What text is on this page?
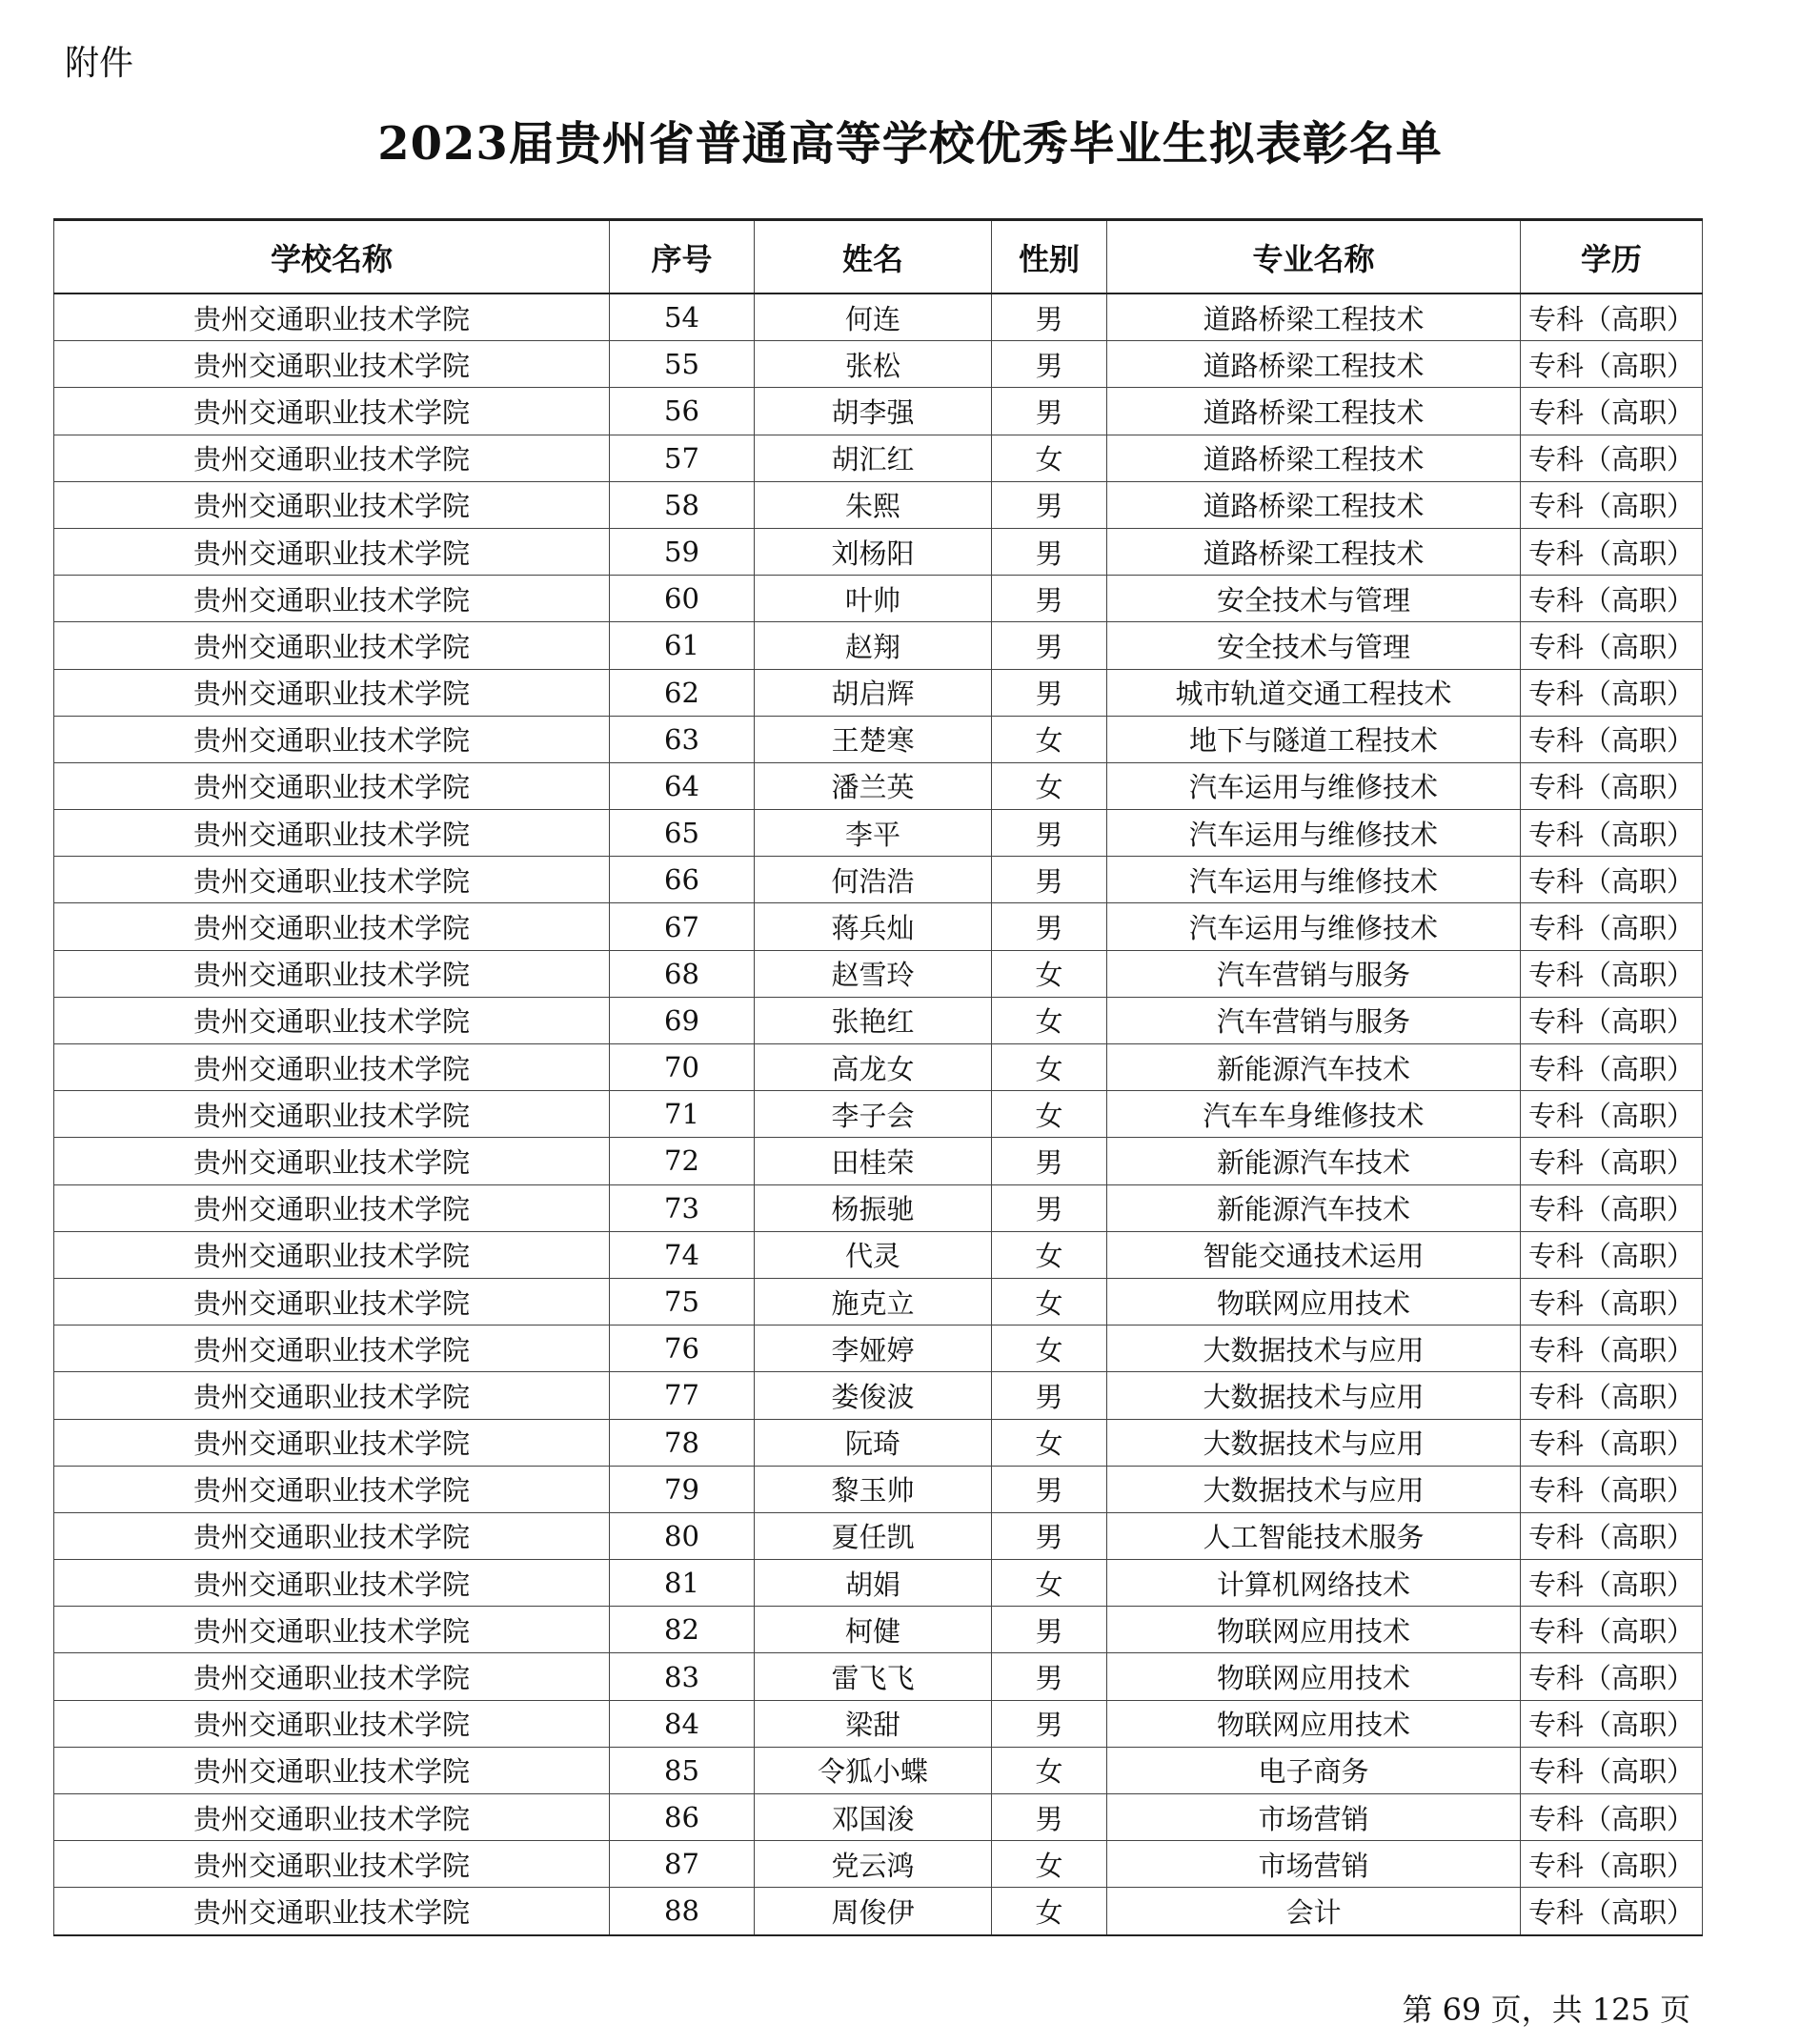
附件
2023届贵州省普通高等学校优秀毕业生拟表彰名单
学校名称	序号	姓名	性别	专业名称	学历
贵州交通职业技术学院	54	何连	男	道路桥梁工程技术	专科（高职）
贵州交通职业技术学院	55	张松	男	道路桥梁工程技术	专科（高职）
贵州交通职业技术学院	56	胡李强	男	道路桥梁工程技术	专科（高职）
贵州交通职业技术学院	57	胡汇红	女	道路桥梁工程技术	专科（高职）
贵州交通职业技术学院	58	朱熙	男	道路桥梁工程技术	专科（高职）
贵州交通职业技术学院	59	刘杨阳	男	道路桥梁工程技术	专科（高职）
贵州交通职业技术学院	60	叶帅	男	安全技术与管理	专科（高职）
贵州交通职业技术学院	61	赵翔	男	安全技术与管理	专科（高职）
贵州交通职业技术学院	62	胡启辉	男	城市轨道交通工程技术	专科（高职）
贵州交通职业技术学院	63	王楚寒	女	地下与隧道工程技术	专科（高职）
贵州交通职业技术学院	64	潘兰英	女	汽车运用与维修技术	专科（高职）
贵州交通职业技术学院	65	李平	男	汽车运用与维修技术	专科（高职）
贵州交通职业技术学院	66	何浩浩	男	汽车运用与维修技术	专科（高职）
贵州交通职业技术学院	67	蒋兵灿	男	汽车运用与维修技术	专科（高职）
贵州交通职业技术学院	68	赵雪玲	女	汽车营销与服务	专科（高职）
贵州交通职业技术学院	69	张艳红	女	汽车营销与服务	专科（高职）
贵州交通职业技术学院	70	高龙女	女	新能源汽车技术	专科（高职）
贵州交通职业技术学院	71	李子会	女	汽车车身维修技术	专科（高职）
贵州交通职业技术学院	72	田桂荣	男	新能源汽车技术	专科（高职）
贵州交通职业技术学院	73	杨振驰	男	新能源汽车技术	专科（高职）
贵州交通职业技术学院	74	代灵	女	智能交通技术运用	专科（高职）
贵州交通职业技术学院	75	施克立	女	物联网应用技术	专科（高职）
贵州交通职业技术学院	76	李娅婷	女	大数据技术与应用	专科（高职）
贵州交通职业技术学院	77	娄俊波	男	大数据技术与应用	专科（高职）
贵州交通职业技术学院	78	阮琦	女	大数据技术与应用	专科（高职）
贵州交通职业技术学院	79	黎玉帅	男	大数据技术与应用	专科（高职）
贵州交通职业技术学院	80	夏任凯	男	人工智能技术服务	专科（高职）
贵州交通职业技术学院	81	胡娟	女	计算机网络技术	专科（高职）
贵州交通职业技术学院	82	柯健	男	物联网应用技术	专科（高职）
贵州交通职业技术学院	83	雷飞飞	男	物联网应用技术	专科（高职）
贵州交通职业技术学院	84	梁甜	男	物联网应用技术	专科（高职）
贵州交通职业技术学院	85	令狐小蝶	女	电子商务	专科（高职）
贵州交通职业技术学院	86	邓国浚	男	市场营销	专科（高职）
贵州交通职业技术学院	87	党云鸿	女	市场营销	专科（高职）
贵州交通职业技术学院	88	周俊伊	女	会计	专科（高职）
第 69 页，共 125 页
